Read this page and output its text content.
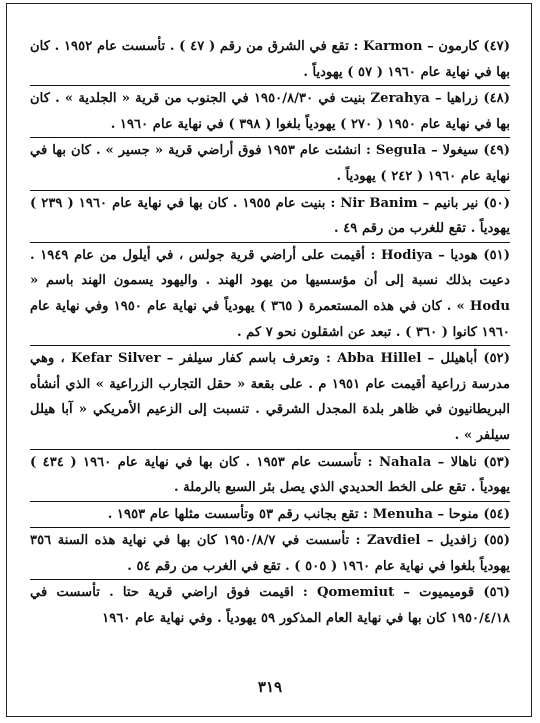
(٤٧) كارمون – Karmon : تقع في الشرق من رقم ( ٤٧ ) . تأسست عام ١٩٥٢ . كان بها في نهاية عام ١٩٦٠ ( ٥٧ ) يهودياً .

(٤٨) زراهيا – Zerahya بنيت في ١٩٥٠/٨/٣٠ في الجنوب من قرية « الجلدية » . كان بها في نهاية عام ١٩٥٠ ( ٢٧٠ ) يهودياً بلغوا ( ٣٩٨ ) في نهاية عام ١٩٦٠ .

(٤٩) سيغولا – Segula : انشئت عام ١٩٥٣ فوق أراضي قرية « جسير » . كان بها في نهاية عام ١٩٦٠ ( ٢٤٢ ) يهودياً .

(٥٠) نير بانيم – Nir Banim : بنيت عام ١٩٥٥ . كان بها في نهاية عام ١٩٦٠ ( ٢٣٩ ) يهودياً . تقع للغرب من رقم ٤٩ .

(٥١) هوديا – Hodiya : أقيمت على أراضي قرية جولس ، في أيلول من عام ١٩٤٩ . دعيت بذلك نسبة إلى أن مؤسسيها من يهود الهند . واليهود يسمون الهند باسم « Hodu » . كان في هذه المستعمرة ( ٣٦٥ ) يهودياً في نهاية عام ١٩٥٠ وفي نهاية عام ١٩٦٠ كانوا ( ٣٦٠ ) . تبعد عن اشقلون نحو ٧ كم .

(٥٢) أباهيلل – Abba Hillel : وتعرف باسم كفار سيلفر – Kefar Silver ، وهي مدرسة زراعية أقيمت عام ١٩٥١ م . على بقعة « حقل التجارب الزراعية » الذي أنشأه البريطانيون في ظاهر بلدة المجدل الشرقي . تنسبت إلى الزعيم الأمريكي « آبا هيلل سيلفر » .

(٥٣) ناهالا – Nahala : تأسست عام ١٩٥٣ . كان بها في نهاية عام ١٩٦٠ ( ٤٣٤ ) يهودياً . تقع على الخط الحديدي الذي يصل بئر السبع بالرملة .

(٥٤) منوحا – Menuha : تقع بجانب رقم ٥٣ وتأسست مثلها عام ١٩٥٣ .

(٥٥) زافديل – Zavdiel : تأسست في ١٩٥٠/٨/٧ كان بها في نهاية هذه السنة ٣٥٦ يهودياً بلغوا في نهاية عام ١٩٦٠ ( ٥٠٥ ) . تقع في الغرب من رقم ٥٤ .

(٥٦) قوميميوت – Qomemiut : اقيمت فوق اراضي قرية حتا . تأسست في ١٩٥٠/٤/١٨ كان بها في نهاية العام المذكور ٥٩ يهودياً . وفي نهاية عام ١٩٦٠

٣١٩
